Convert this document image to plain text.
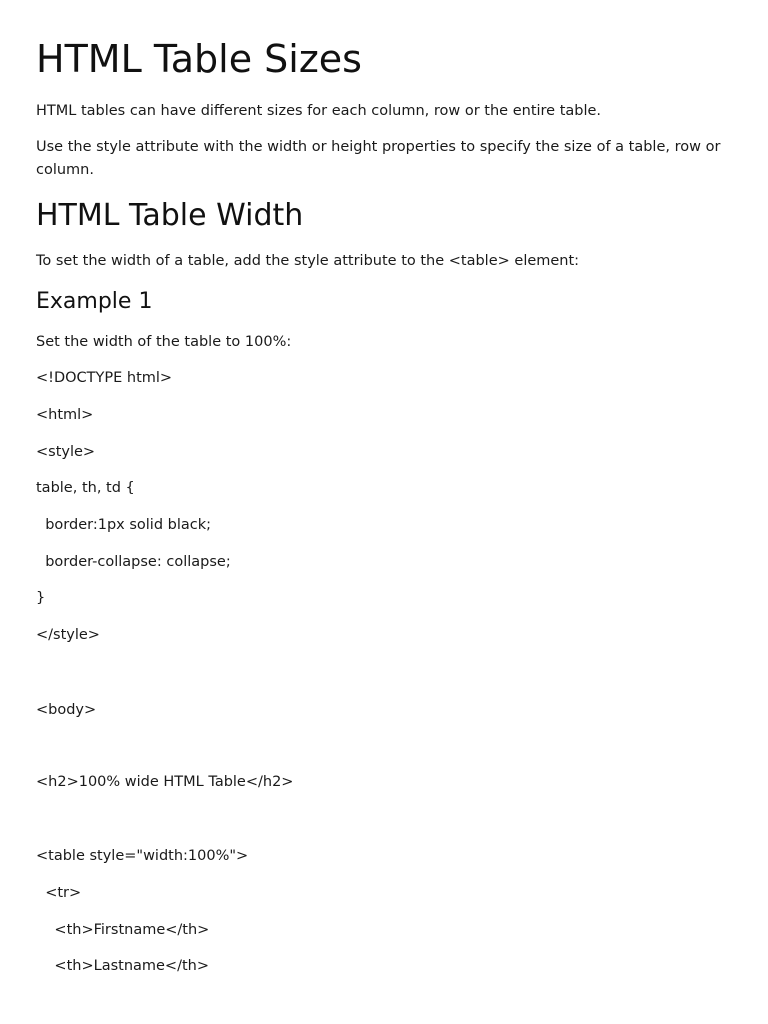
HTML Table Sizes

HTML tables can have different sizes for each column, row or the entire table.

Use the style attribute with the width or height properties to specify the size of a table, row or column.

HTML Table Width

To set the width of a table, add the style attribute to the <table> element:

Example 1

Set the width of the table to 100%:

<!DOCTYPE html>

<html>

<style>

table, th, td {

border:1px solid black;

border-collapse: collapse;

}

</style>

<body>

<h2>100% wide HTML Table</h2>

<table style="width:100%">

<tr>

<th>Firstname</th>

<th>Lastname</th>
